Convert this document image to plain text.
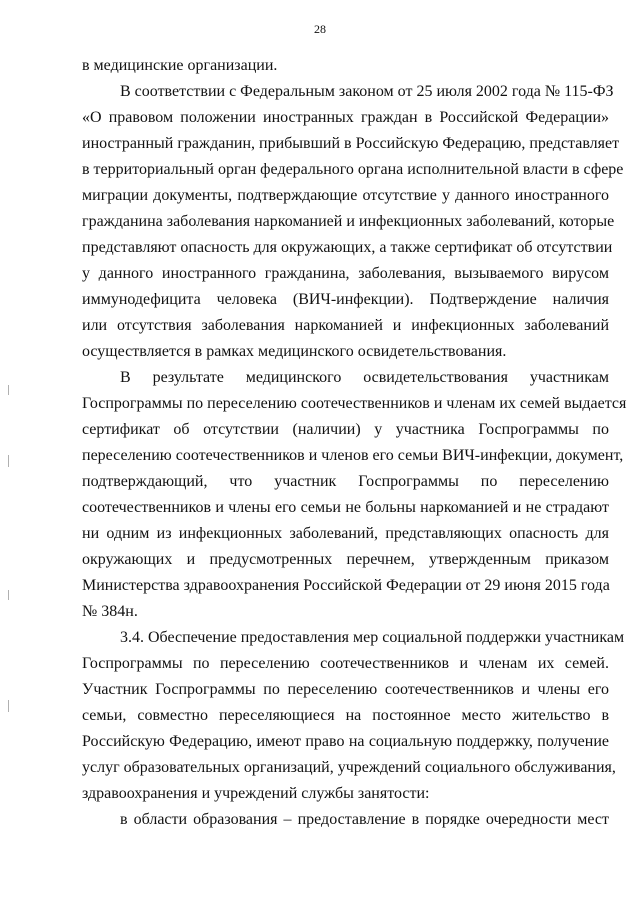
28
в медицинские организации.
В соответствии с Федеральным законом от 25 июля 2002 года № 115-ФЗ
«О правовом положении иностранных граждан в Российской Федерации»
иностранный гражданин, прибывший в Российскую Федерацию, представляет
в территориальный орган федерального органа исполнительной власти в сфере
миграции документы, подтверждающие отсутствие у данного иностранного
гражданина заболевания наркоманией и инфекционных заболеваний, которые
представляют опасность для окружающих, а также сертификат об отсутствии
у данного иностранного гражданина, заболевания, вызываемого вирусом
иммунодефицита человека (ВИЧ-инфекции). Подтверждение наличия
или отсутствия заболевания наркоманией и инфекционных заболеваний
осуществляется в рамках медицинского освидетельствования.
В результате медицинского освидетельствования участникам
Госпрограммы по переселению соотечественников и членам их семей выдается
сертификат об отсутствии (наличии) у участника Госпрограммы по
переселению соотечественников и членов его семьи ВИЧ-инфекции, документ,
подтверждающий, что участник Госпрограммы по переселению
соотечественников и члены его семьи не больны наркоманией и не страдают
ни одним из инфекционных заболеваний, представляющих опасность для
окружающих и предусмотренных перечнем, утвержденным приказом
Министерства здравоохранения Российской Федерации от 29 июня 2015 года
№ 384н.
3.4. Обеспечение предоставления мер социальной поддержки участникам
Госпрограммы по переселению соотечественников и членам их семей.
Участник Госпрограммы по переселению соотечественников и члены его
семьи, совместно переселяющиеся на постоянное место жительство в
Российскую Федерацию, имеют право на социальную поддержку, получение
услуг образовательных организаций, учреждений социального обслуживания,
здравоохранения и учреждений службы занятости:
в области образования – предоставление в порядке очередности мест
